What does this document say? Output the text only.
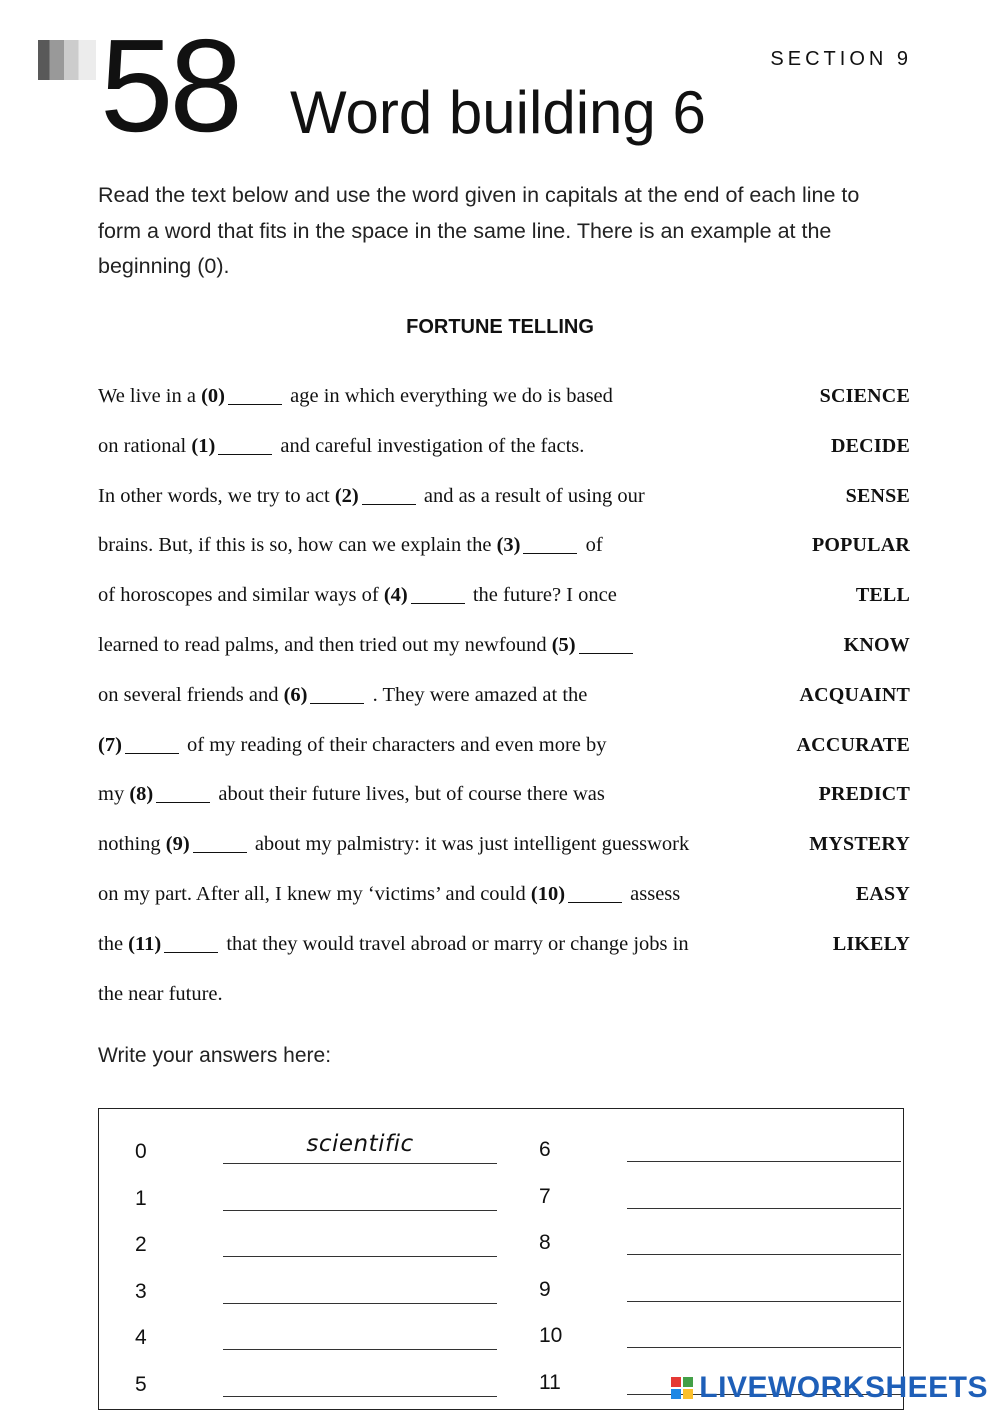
58 Word building 6
SECTION 9
Read the text below and use the word given in capitals at the end of each line to form a word that fits in the space in the same line. There is an example at the beginning (0).
FORTUNE TELLING
We live in a (0)	age in which everything we do is based	SCIENCE
on rational (1)	and careful investigation of the facts.	DECIDE
In other words, we try to act (2)	and as a result of using our	SENSE
brains. But, if this is so, how can we explain the (3)	of	POPULAR
of horoscopes and similar ways of (4)	the future? I once	TELL
learned to read palms, and then tried out my newfound (5)	KNOW
on several friends and (6)	. They were amazed at the	ACQUAINT
(7)	of my reading of their characters and even more by	ACCURATE
my (8)	about their future lives, but of course there was	PREDICT
nothing (9)	about my palmistry: it was just intelligent guesswork	MYSTERY
on my part. After all, I knew my ‘victims’ and could (10)	assess	EASY
the (11)	that they would travel abroad or marry or change jobs in	LIKELY
the near future.
Write your answers here:
0	scientific
1
2
3
4
5
6
7
8
9
10
11	LIVEWORKSHEETS
